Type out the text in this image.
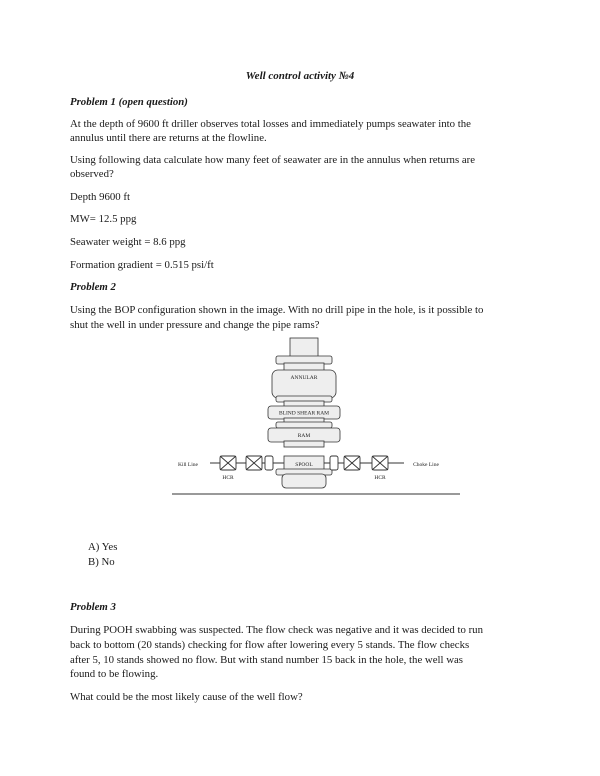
Well control activity №4
Problem 1 (open question)
At the depth of 9600 ft driller observes total losses and immediately pumps seawater into the
annulus until there are returns at the flowline.
Using following data calculate how many feet of seawater are in the annulus when returns are
observed?
Depth 9600 ft
MW= 12.5 ppg
Seawater weight = 8.6 ppg
Formation gradient = 0.515 psi/ft
Problem 2
Using the BOP configuration shown in the image. With no drill pipe in the hole, is it possible to
shut the well in under pressure and change the pipe rams?
ANNULAR
BLIND SHEAR RAM
RAM
SPOOL
HCR	HCR
Kill Line	Choke Line
A) Yes
B) No
Problem 3
During POOH swabbing was suspected. The flow check was negative and it was decided to run
back to bottom (20 stands) checking for flow after lowering every 5 stands. The flow checks
after 5, 10 stands showed no flow. But with stand number 15 back in the hole, the well was
found to be flowing.
What could be the most likely cause of the well flow?
